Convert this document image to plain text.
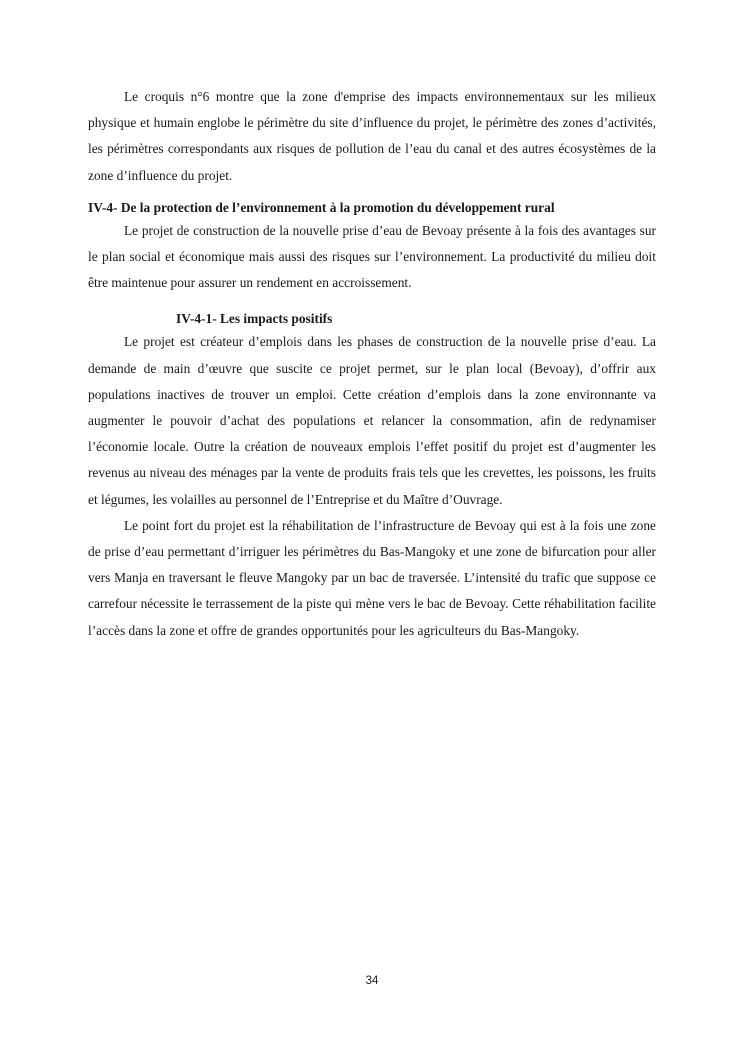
Le croquis n°6 montre que la zone d'emprise des impacts environnementaux sur les milieux physique et humain englobe le périmètre du site d’influence du projet, le périmètre des zones d’activités, les périmètres correspondants aux risques de pollution de l’eau du canal et des autres écosystèmes de la zone d’influence du projet.

IV-4- De la protection de l’environnement à la promotion du développement rural

Le projet de construction de la nouvelle prise d’eau de Bevoay présente à la fois des avantages sur le plan social et économique mais aussi des risques sur l’environnement. La productivité du milieu doit être maintenue pour assurer un rendement en accroissement.

IV-4-1- Les impacts positifs

Le projet est créateur d’emplois dans les phases de construction de la nouvelle prise d’eau. La demande de main d’œuvre que suscite ce projet permet, sur le plan local (Bevoay), d’offrir aux populations inactives de trouver un emploi. Cette création d’emplois dans la zone environnante va augmenter le pouvoir d’achat des populations et relancer la consommation, afin de redynamiser l’économie locale. Outre la création de nouveaux emplois l’effet positif du projet est d’augmenter les revenus au niveau des ménages par la vente de produits frais tels que les crevettes, les poissons, les fruits et légumes, les volailles au personnel de l’Entreprise et du Maître d’Ouvrage.

Le point fort du projet est la réhabilitation de l’infrastructure de Bevoay qui est à la fois une zone de prise d’eau permettant d’irriguer les périmètres du Bas-Mangoky et une zone de bifurcation pour aller vers Manja en traversant le fleuve Mangoky par un bac de traversée. L’intensité du trafic que suppose ce carrefour nécessite le terrassement de la piste qui mène vers le bac de Bevoay. Cette réhabilitation facilite l’accès dans la zone et offre de grandes opportunités pour les agriculteurs du Bas-Mangoky.

34
